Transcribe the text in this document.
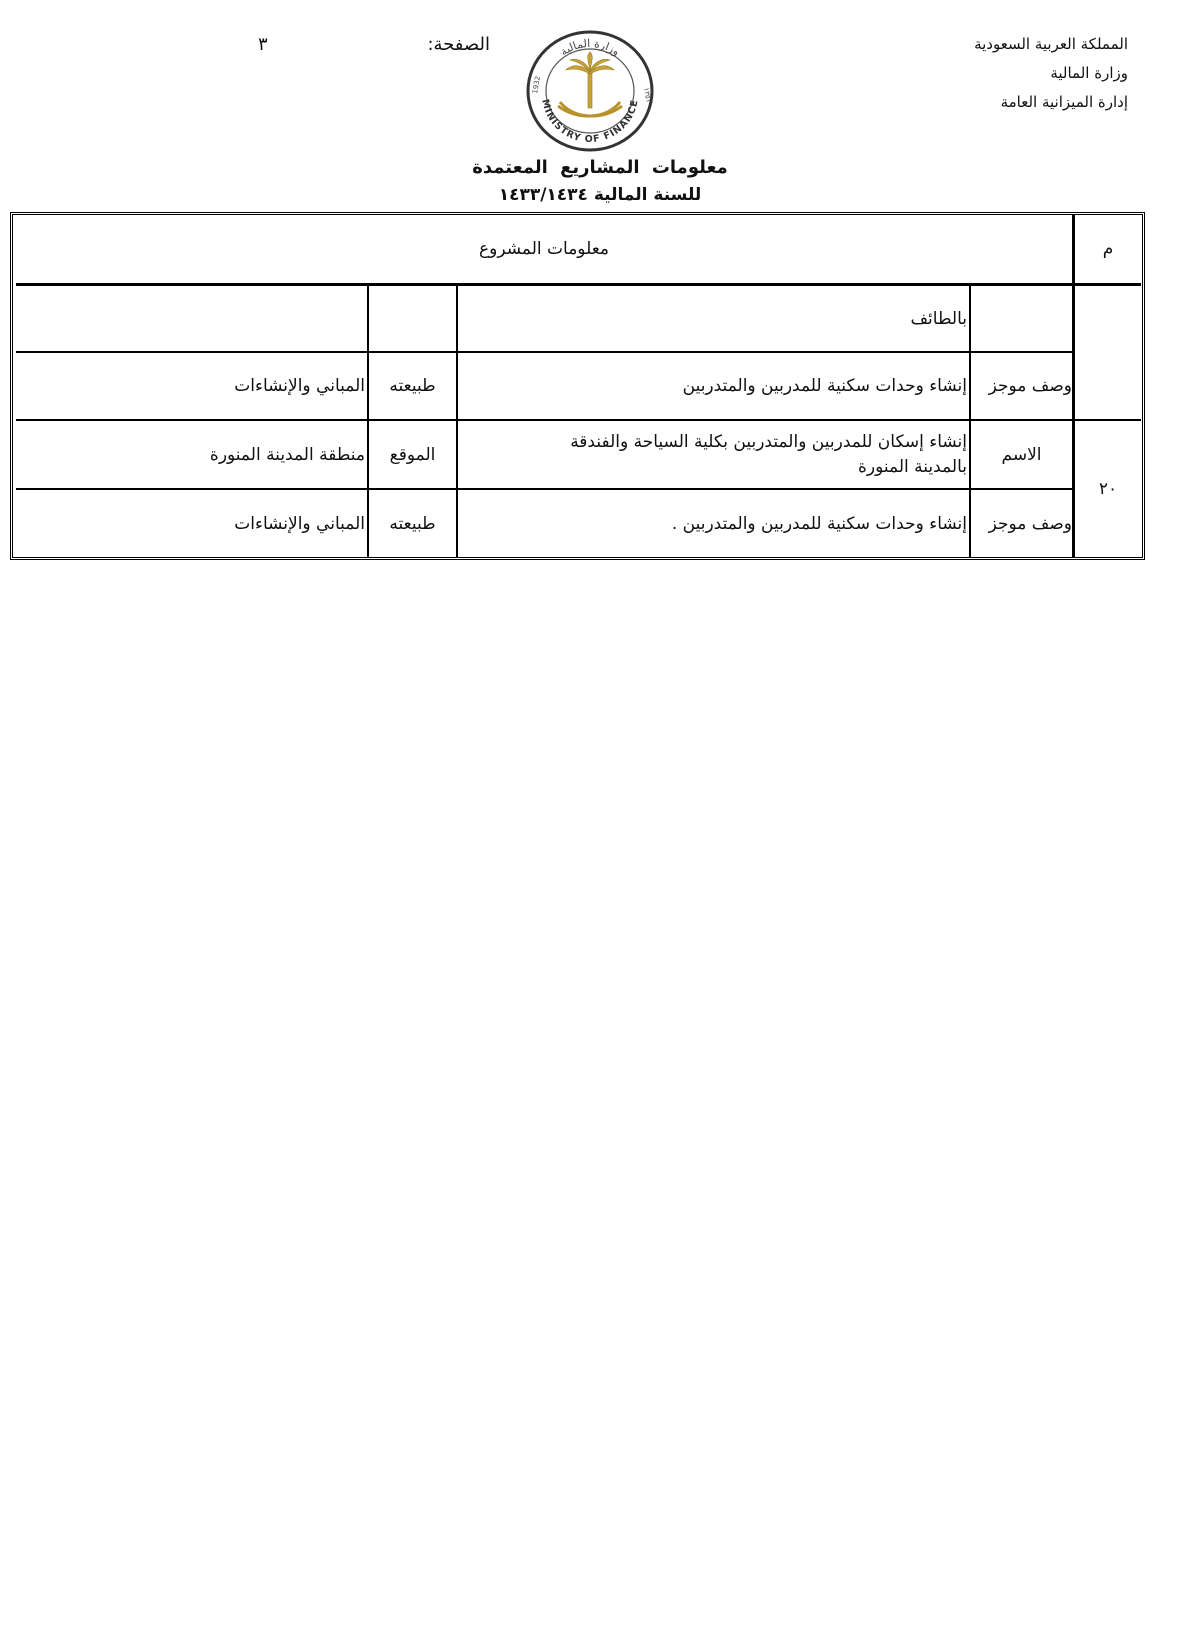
المملكة العربية السعودية
وزارة المالية
إدارة الميزانية العامة
الصفحة:
٣	وزارة المالية
MINISTRY OF FINANCE
1932
١٣٥١
معلومات المشاريع المعتمدة
للسنة المالية ١٤٣٣/١٤٣٤
م
معلومات المشروع
بالطائف
وصف موجز
إنشاء وحدات سكنية للمدربين والمتدربين
طبيعته
المباني والإنشاءات
٢٠
الاسم
إنشاء إسكان للمدربين والمتدربين بكلية السياحة والفندقة
بالمدينة المنورة
الموقع
منطقة المدينة المنورة
وصف موجز
إنشاء وحدات سكنية للمدربين والمتدربين .
طبيعته
المباني والإنشاءات
